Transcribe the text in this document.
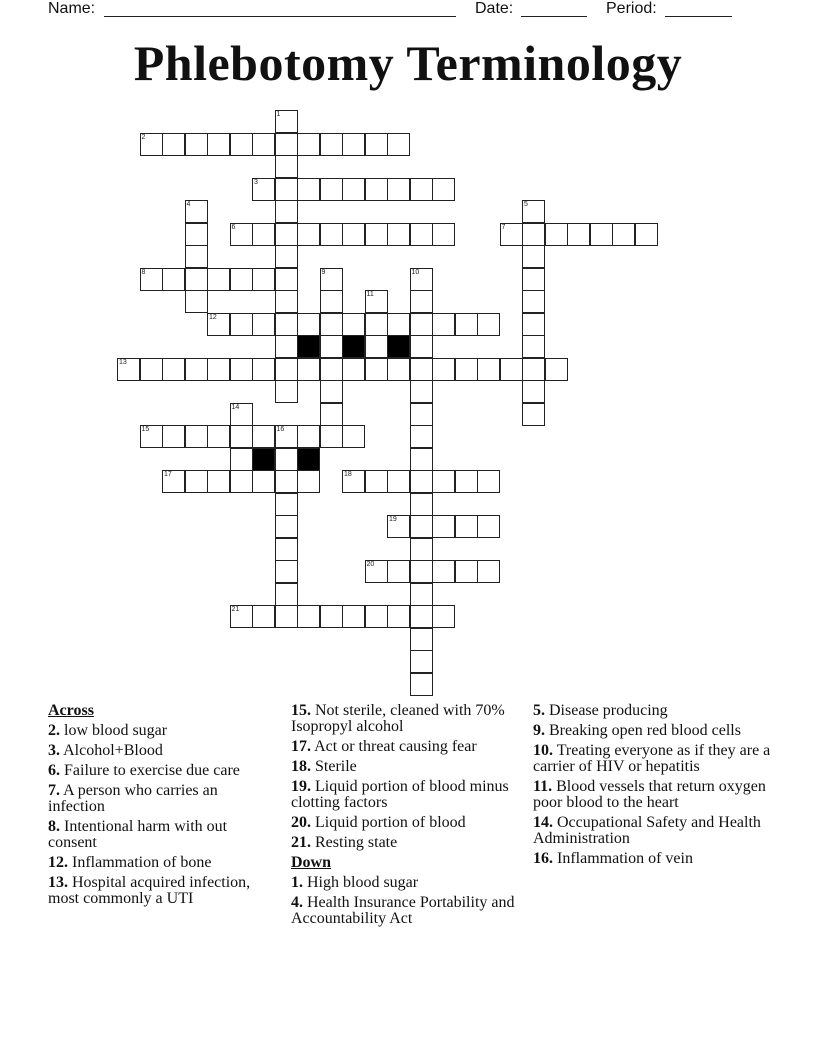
Name:	Date:	Period:
Phlebotomy Terminology
1
2
3
4	5
6	7
8	9	10
11
12
13
14
15	16
17	18
19
20
21
Across
2. low blood sugar
3. Alcohol+Blood
6. Failure to exercise due care
7. A person who carries an infection
8. Intentional harm with out consent
12. Inflammation of bone
13. Hospital acquired infection, most commonly a UTI
15. Not sterile, cleaned with 70% Isopropyl alcohol
17. Act or threat causing fear
18. Sterile
19. Liquid portion of blood minus clotting factors
20. Liquid portion of blood
21. Resting state
Down
1. High blood sugar
4. Health Insurance Portability and Accountability Act
5. Disease producing
9. Breaking open red blood cells
10. Treating everyone as if they are a carrier of HIV or hepatitis
11. Blood vessels that return oxygen poor blood to the heart
14. Occupational Safety and Health Administration
16. Inflammation of vein
